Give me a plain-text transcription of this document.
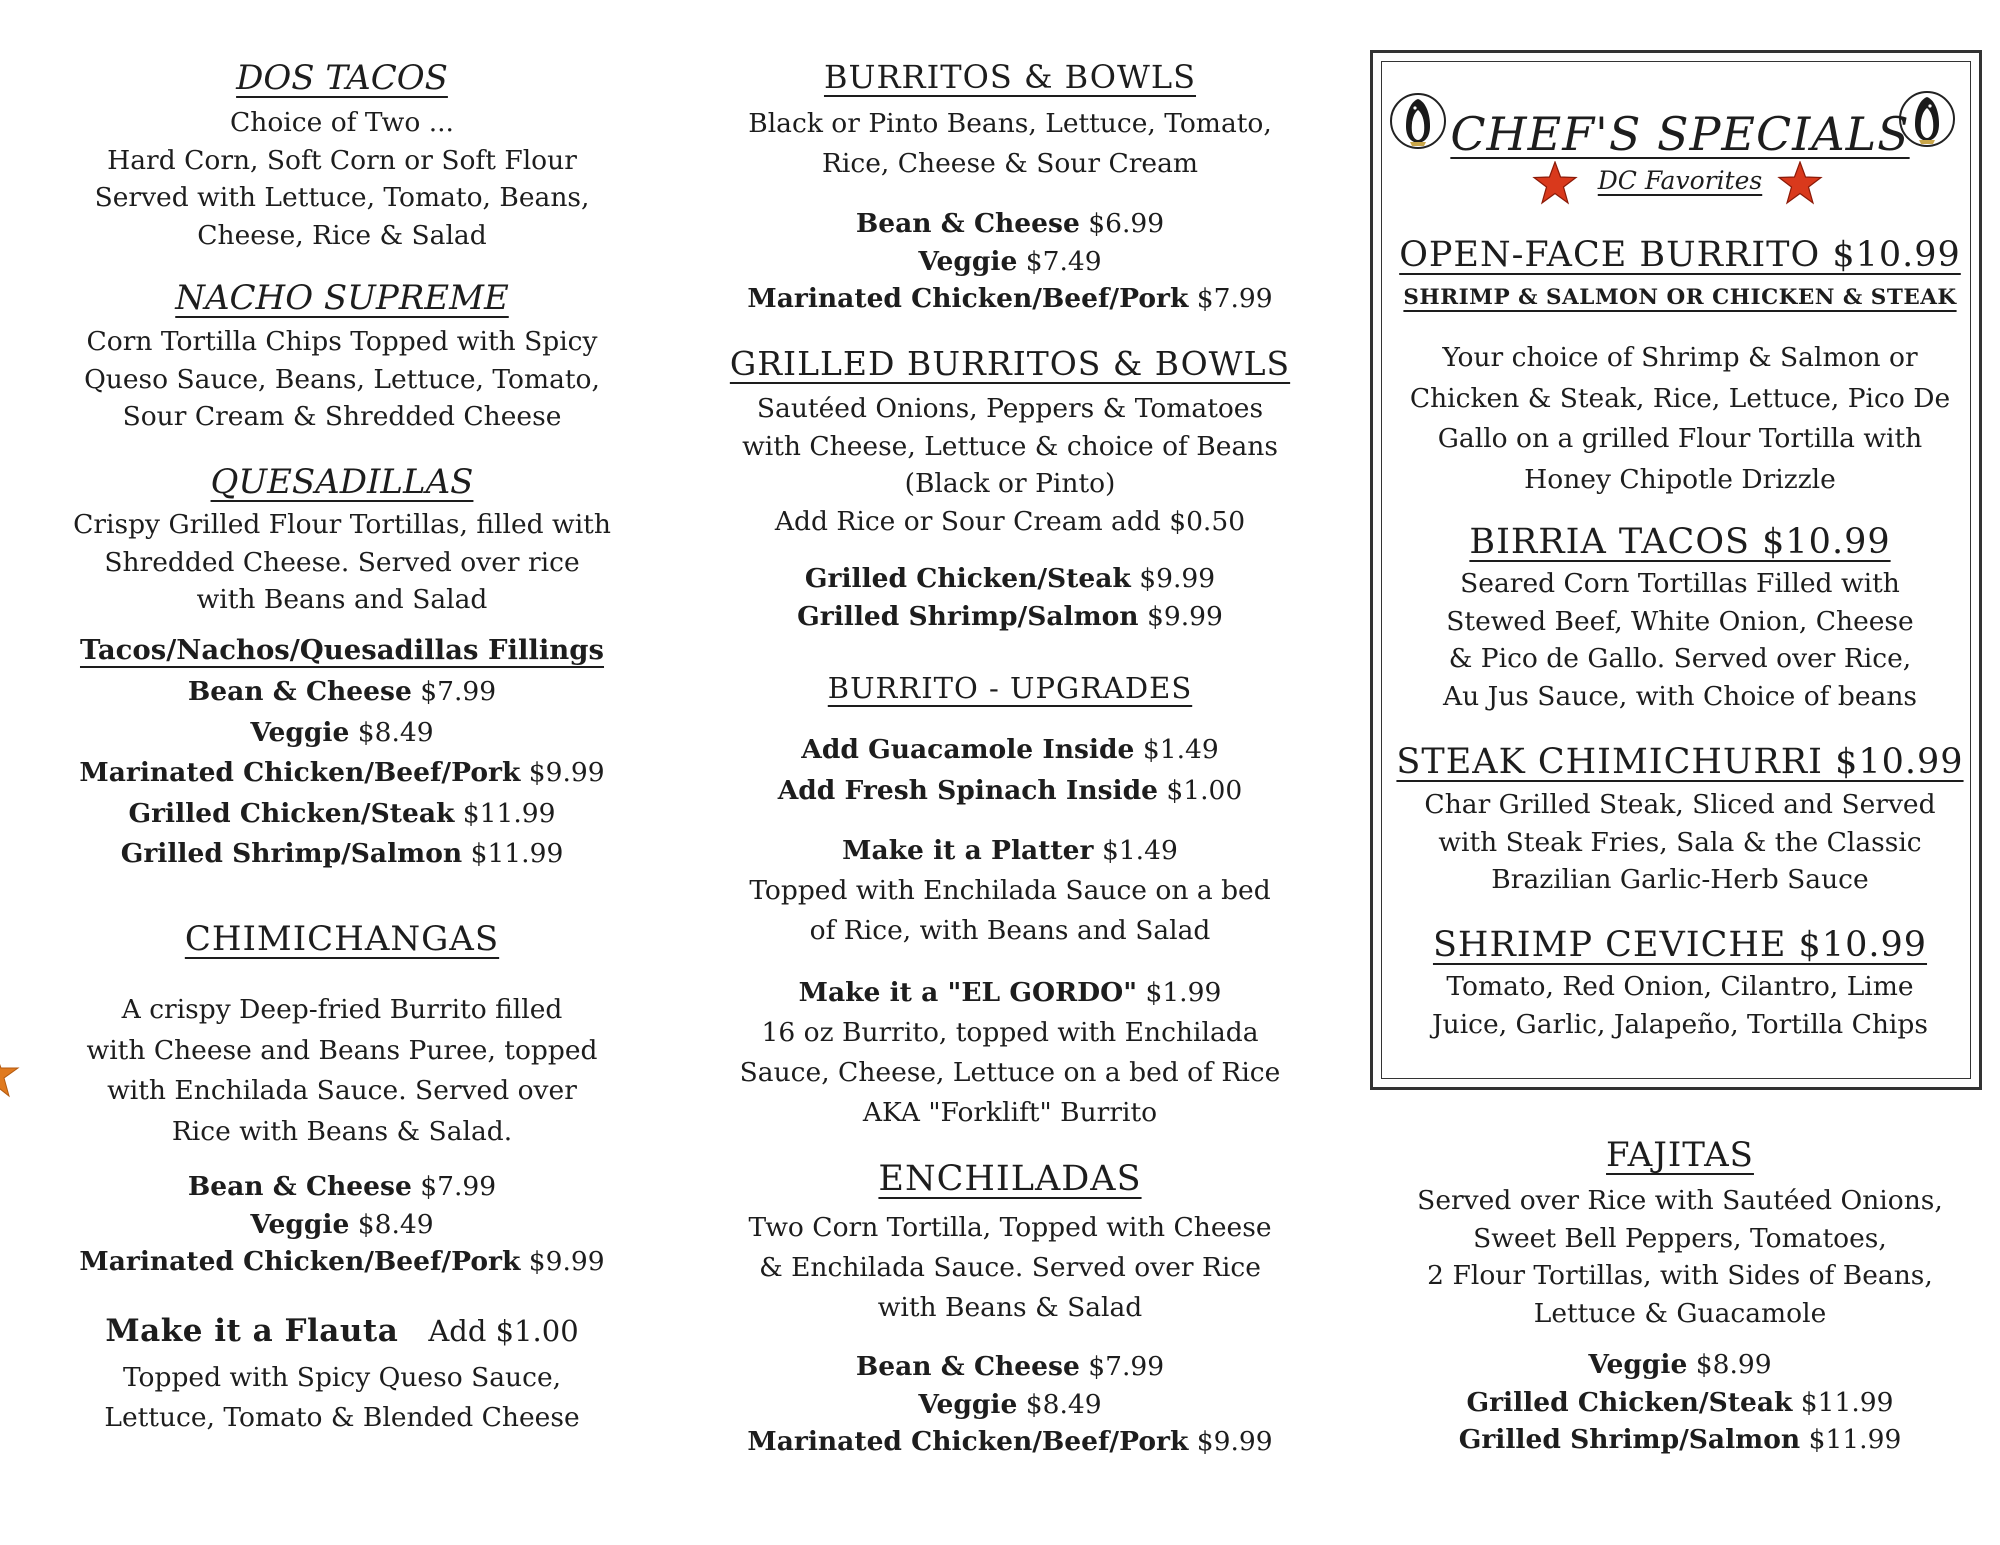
DOS TACOS
Choice of Two ...
Hard Corn, Soft Corn or Soft Flour
Served with Lettuce, Tomato, Beans,
Cheese, Rice & Salad
NACHO SUPREME
Corn Tortilla Chips Topped with Spicy
Queso Sauce, Beans, Lettuce, Tomato,
Sour Cream & Shredded Cheese
QUESADILLAS
Crispy Grilled Flour Tortillas, filled with
Shredded Cheese. Served over rice
with Beans and Salad
Tacos/Nachos/Quesadillas Fillings
Bean & Cheese $7.99
Veggie $8.49
Marinated Chicken/Beef/Pork $9.99
Grilled Chicken/Steak $11.99
Grilled Shrimp/Salmon $11.99
CHIMICHANGAS
A crispy Deep-fried Burrito filled
with Cheese and Beans Puree, topped
with Enchilada Sauce. Served over
Rice with Beans & Salad.
Bean & Cheese $7.99
Veggie $8.49
Marinated Chicken/Beef/Pork $9.99
Make it a Flauta Add $1.00
Topped with Spicy Queso Sauce,
Lettuce, Tomato & Blended Cheese
BURRITOS & BOWLS
Black or Pinto Beans, Lettuce, Tomato,
Rice, Cheese & Sour Cream
Bean & Cheese $6.99
Veggie $7.49
Marinated Chicken/Beef/Pork $7.99
GRILLED BURRITOS & BOWLS
Sautéed Onions, Peppers & Tomatoes
with Cheese, Lettuce & choice of Beans
(Black or Pinto)
Add Rice or Sour Cream add $0.50
Grilled Chicken/Steak $9.99
Grilled Shrimp/Salmon $9.99
BURRITO - UPGRADES
Add Guacamole Inside $1.49
Add Fresh Spinach Inside $1.00
Make it a Platter $1.49
Topped with Enchilada Sauce on a bed
of Rice, with Beans and Salad
Make it a "EL GORDO" $1.99
16 oz Burrito, topped with Enchilada
Sauce, Cheese, Lettuce on a bed of Rice
AKA "Forklift" Burrito
ENCHILADAS
Two Corn Tortilla, Topped with Cheese
& Enchilada Sauce. Served over Rice
with Beans & Salad
Bean & Cheese $7.99
Veggie $8.49
Marinated Chicken/Beef/Pork $9.99
CHEF'S SPECIALS
DC Favorites
OPEN-FACE BURRITO $10.99
SHRIMP & SALMON OR CHICKEN & STEAK
Your choice of Shrimp & Salmon or
Chicken & Steak, Rice, Lettuce, Pico De
Gallo on a grilled Flour Tortilla with
Honey Chipotle Drizzle
BIRRIA TACOS $10.99
Seared Corn Tortillas Filled with
Stewed Beef, White Onion, Cheese
& Pico de Gallo. Served over Rice,
Au Jus Sauce, with Choice of beans
STEAK CHIMICHURRI $10.99
Char Grilled Steak, Sliced and Served
with Steak Fries, Sala & the Classic
Brazilian Garlic-Herb Sauce
SHRIMP CEVICHE $10.99
Tomato, Red Onion, Cilantro, Lime
Juice, Garlic, Jalapeño, Tortilla Chips
FAJITAS
Served over Rice with Sautéed Onions,
Sweet Bell Peppers, Tomatoes,
2 Flour Tortillas, with Sides of Beans,
Lettuce & Guacamole
Veggie $8.99
Grilled Chicken/Steak $11.99
Grilled Shrimp/Salmon $11.99
